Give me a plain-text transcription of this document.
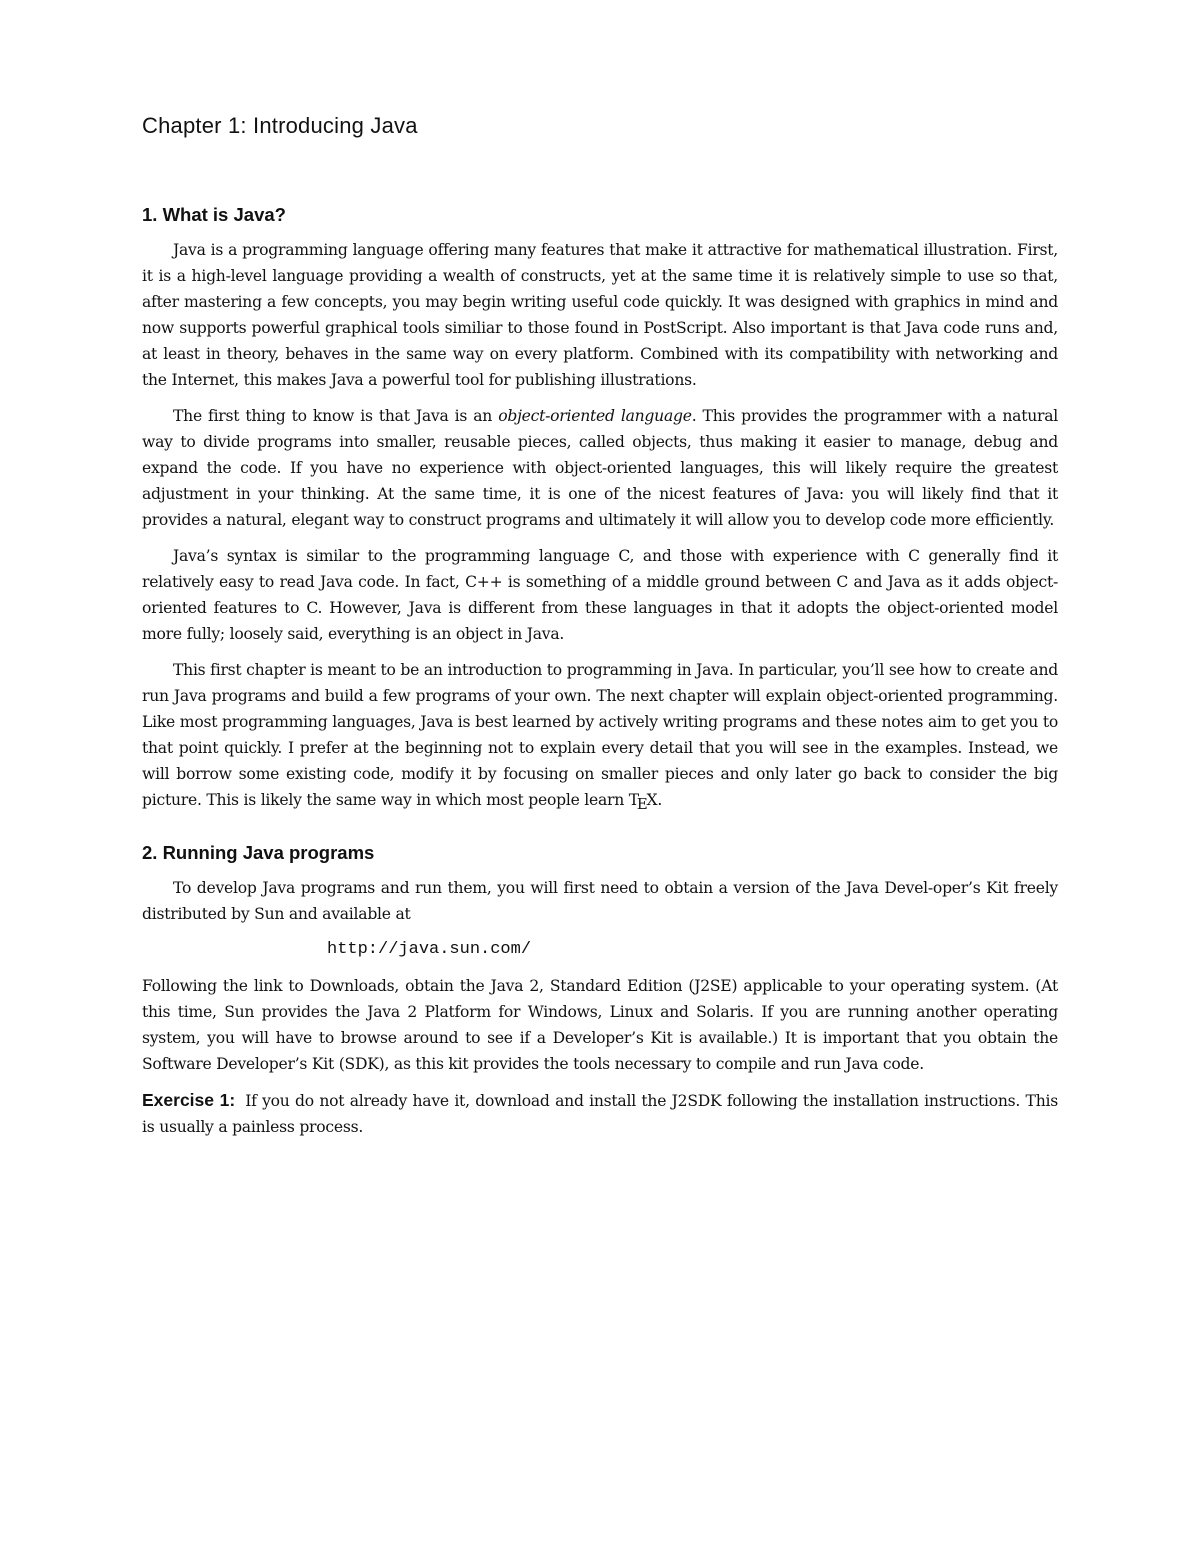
Chapter 1: Introducing Java
1. What is Java?

Java is a programming language offering many features that make it attractive for mathematical illustration. First, it is a high-level language providing a wealth of constructs, yet at the same time it is relatively simple to use so that, after mastering a few concepts, you may begin writing useful code quickly. It was designed with graphics in mind and now supports powerful graphical tools similiar to those found in PostScript. Also important is that Java code runs and, at least in theory, behaves in the same way on every platform. Combined with its compatibility with networking and the Internet, this makes Java a powerful tool for publishing illustrations.

The first thing to know is that Java is an object-oriented language. This provides the programmer with a natural way to divide programs into smaller, reusable pieces, called objects, thus making it easier to manage, debug and expand the code. If you have no experience with object-oriented languages, this will likely require the greatest adjustment in your thinking. At the same time, it is one of the nicest features of Java: you will likely find that it provides a natural, elegant way to construct programs and ultimately it will allow you to develop code more efficiently.

Java’s syntax is similar to the programming language C, and those with experience with C generally find it relatively easy to read Java code. In fact, C++ is something of a middle ground between C and Java as it adds object-oriented features to C. However, Java is different from these languages in that it adopts the object-oriented model more fully; loosely said, everything is an object in Java.

This first chapter is meant to be an introduction to programming in Java. In particular, you’ll see how to create and run Java programs and build a few programs of your own. The next chapter will explain object-oriented programming. Like most programming languages, Java is best learned by actively writing programs and these notes aim to get you to that point quickly. I prefer at the beginning not to explain every detail that you will see in the examples. Instead, we will borrow some existing code, modify it by focusing on smaller pieces and only later go back to consider the big picture. This is likely the same way in which most people learn TEX.

2. Running Java programs

To develop Java programs and run them, you will first need to obtain a version of the Java Devel-oper’s Kit freely distributed by Sun and available at

http://java.sun.com/

Following the link to Downloads, obtain the Java 2, Standard Edition (J2SE) applicable to your operating system. (At this time, Sun provides the Java 2 Platform for Windows, Linux and Solaris. If you are running another operating system, you will have to browse around to see if a Developer’s Kit is available.) It is important that you obtain the Software Developer’s Kit (SDK), as this kit provides the tools necessary to compile and run Java code.

Exercise 1: If you do not already have it, download and install the J2SDK following the installation instructions. This is usually a painless process.
